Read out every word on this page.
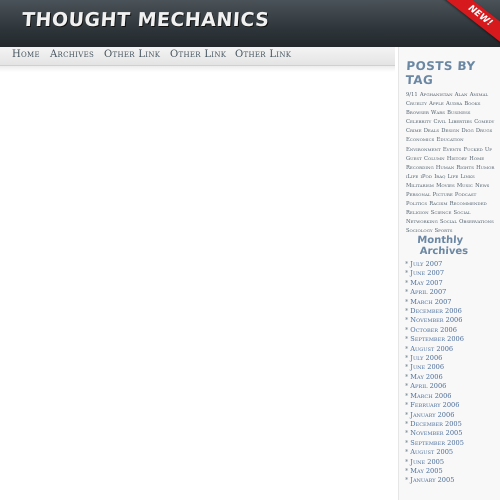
THOUGHT MECHANICS	NEW!
Home Archives Other Link Other Link Other Link
POSTS BY TAG
9/11 Afghanistan Alan Animal Cruelty Apple Audra Books Browser Wars Business Celebrity Civil Liberties Comedy Crime Deals Design Digg Drugs Economics Education Environment Events Fucked Up Guest Column History Home Recording Human Rights Humor iLife iPod Iraq Life Links Militarism Movies Music News Personal Picture Podcast Politics Racism Recommended Religion Science Social Networking Social Observations Sociology Sports
Monthly
Archives
* July 2007
* June 2007
* May 2007
* April 2007
* March 2007
* December 2006
* November 2006
* October 2006
* September 2006
* August 2006
* July 2006
* June 2006
* May 2006
* April 2006
* March 2006
* February 2006
* January 2006
* December 2005
* November 2005
* September 2005
* August 2005
* June 2005
* May 2005
* January 2005
